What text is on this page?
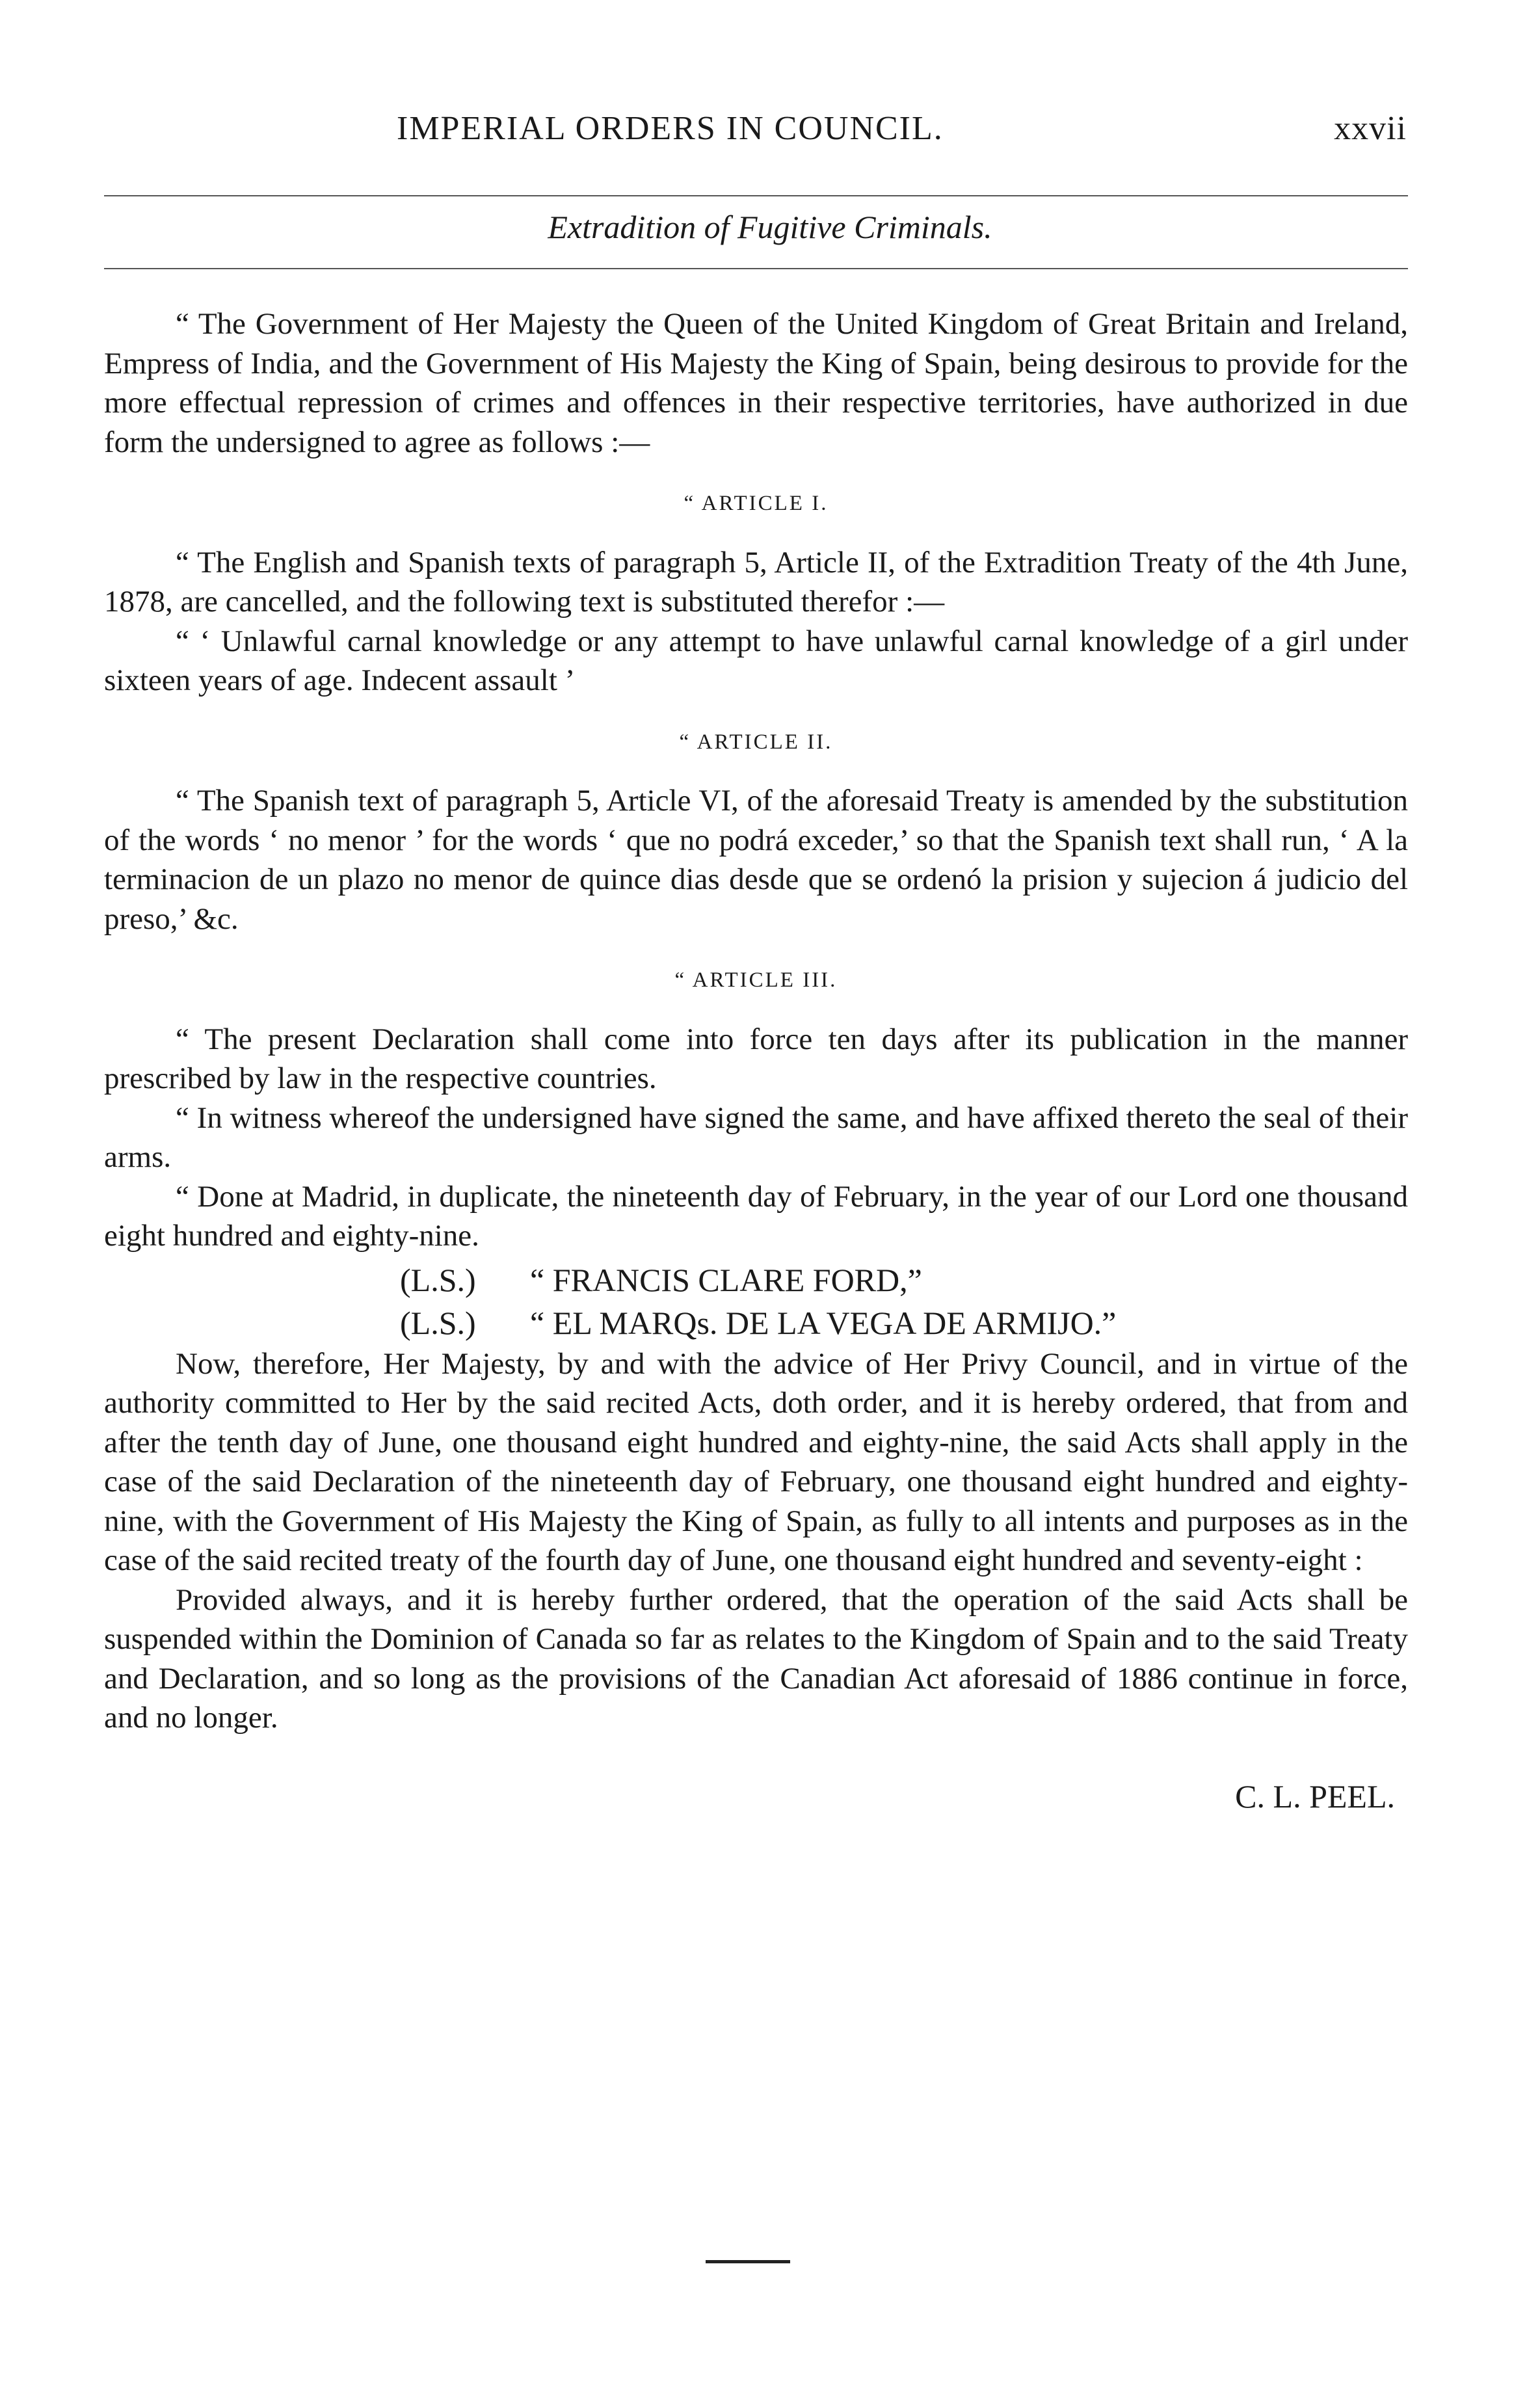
IMPERIAL ORDERS IN COUNCIL.	xxvii
Extradition of Fugitive Criminals.

“ The Government of Her Majesty the Queen of the United Kingdom of Great Britain and Ireland, Empress of India, and the Government of His Majesty the King of Spain, being desirous to provide for the more effectual repression of crimes and offences in their respective territories, have authorized in due form the undersigned to agree as follows :—

“ ARTICLE I.

“ The English and Spanish texts of paragraph 5, Article II, of the Extradition Treaty of the 4th June, 1878, are cancelled, and the following text is substituted therefor :—

“ ‘ Unlawful carnal knowledge or any attempt to have unlawful carnal knowledge of a girl under sixteen years of age. Indecent assault ’

“ ARTICLE II.

“ The Spanish text of paragraph 5, Article VI, of the aforesaid Treaty is amended by the substitution of the words ‘ no menor ’ for the words ‘ que no podrá exceder,’ so that the Spanish text shall run, ‘ A la terminacion de un plazo no menor de quince dias desde que se ordenó la prision y sujecion á judicio del preso,’ &c.

“ ARTICLE III.

“ The present Declaration shall come into force ten days after its publication in the manner prescribed by law in the respective countries.

“ In witness whereof the undersigned have signed the same, and have affixed thereto the seal of their arms.

“ Done at Madrid, in duplicate, the nineteenth day of February, in the year of our Lord one thousand eight hundred and eighty-nine.

(L.S.) “ FRANCIS CLARE FORD,”
(L.S.) “ EL MARQs. DE LA VEGA DE ARMIJO.”

Now, therefore, Her Majesty, by and with the advice of Her Privy Council, and in virtue of the authority committed to Her by the said recited Acts, doth order, and it is hereby ordered, that from and after the tenth day of June, one thousand eight hundred and eighty-nine, the said Acts shall apply in the case of the said Declaration of the nineteenth day of February, one thousand eight hundred and eighty-nine, with the Government of His Majesty the King of Spain, as fully to all intents and purposes as in the case of the said recited treaty of the fourth day of June, one thousand eight hundred and seventy-eight :

Provided always, and it is hereby further ordered, that the operation of the said Acts shall be suspended within the Dominion of Canada so far as relates to the Kingdom of Spain and to the said Treaty and Declaration, and so long as the provisions of the Canadian Act aforesaid of 1886 continue in force, and no longer.

C. L. PEEL.
